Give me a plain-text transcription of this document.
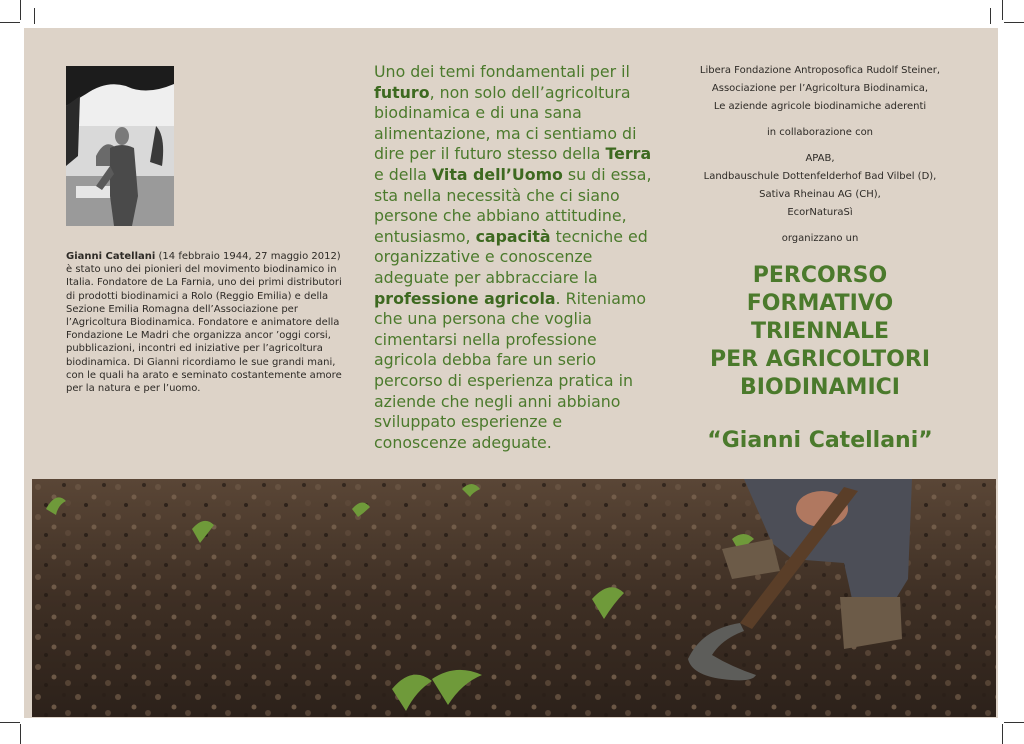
Gianni Catellani (14 febbraio 1944, 27 maggio 2012) è stato uno dei pionieri del movimento biodinamico in Italia. Fondatore de La Farnia, uno dei primi distributori di prodotti biodinamici a Rolo (Reggio Emilia) e della Sezione Emilia Romagna dell’Associazione per l’Agricoltura Biodinamica. Fondatore e animatore della Fondazione Le Madri che organizza ancor ’oggi corsi, pubblicazioni, incontri ed iniziative per l’agricoltura biodinamica. Di Gianni ricordiamo le sue grandi mani, con le quali ha arato e seminato costantemente amore per la natura e per l’uomo.
Uno dei temi fondamentali per il futuro, non solo dell’agricoltura biodinamica e di una sana alimentazione, ma ci sentiamo di dire per il futuro stesso della Terra e della Vita dell’Uomo su di essa, sta nella necessità che ci siano persone che abbiano attitudine, entusiasmo, capacità tecniche ed organizzative e conoscenze adeguate per abbracciare la professione agricola. Riteniamo che una persona che voglia cimentarsi nella professione agricola debba fare un serio percorso di esperienza pratica in aziende che negli anni abbiano sviluppato esperienze e conoscenze adeguate.
Libera Fondazione Antroposofica Rudolf Steiner,
Associazione per l’Agricoltura Biodinamica,
Le aziende agricole biodinamiche aderenti
in collaborazione con
APAB,
Landbauschule Dottenfelderhof Bad Vilbel (D),
Sativa Rheinau AG (CH),
EcorNaturaSì
organizzano un
PERCORSO FORMATIVO
TRIENNALE
PER AGRICOLTORI
BIODINAMICI
“Gianni Catellani”
